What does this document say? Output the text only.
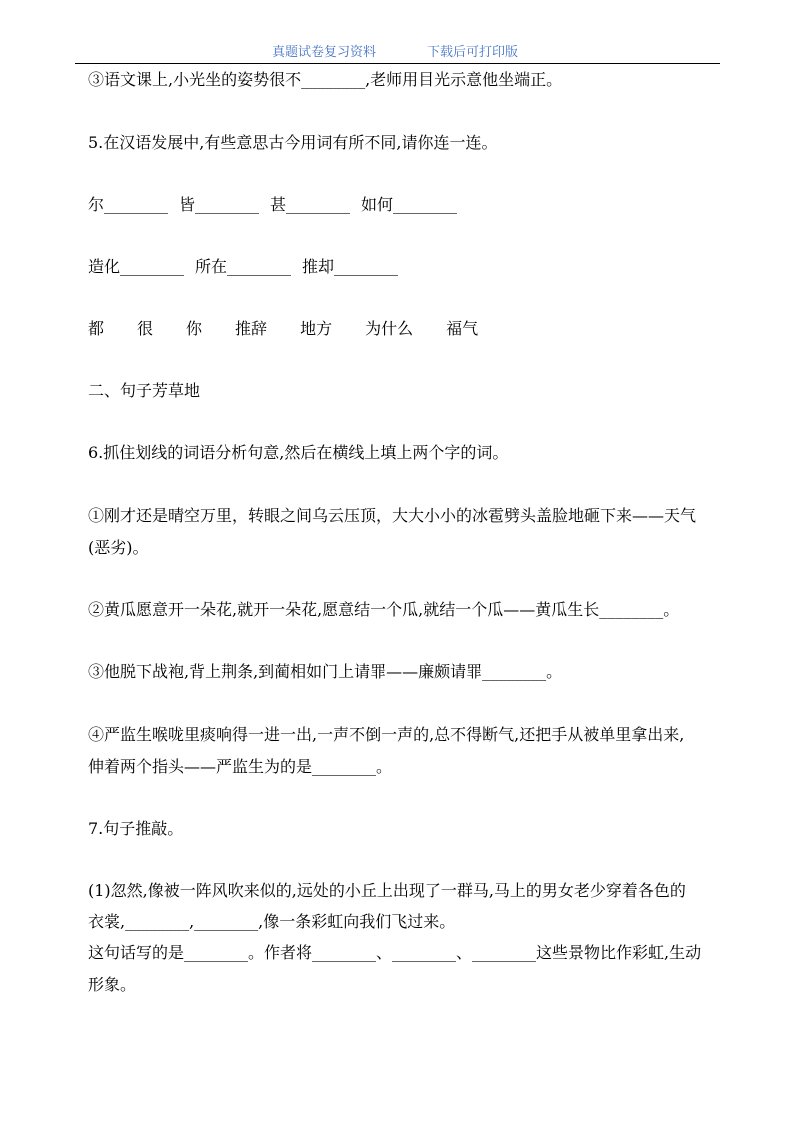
真题试卷复习资料	下载后可打印版
③语文课上,小光坐的姿势很不________,老师用目光示意他坐端正。
5.在汉语发展中,有些意思古今用词有所不同,请你连一连。
尔________ 皆________ 甚________ 如何________
造化________ 所在________ 推却________
都 很 你 推辞 地方 为什么 福气
二、句子芳草地
6.抓住划线的词语分析句意,然后在横线上填上两个字的词。
①刚才还是晴空万里，转眼之间乌云压顶，大大小小的冰雹劈头盖脸地砸下来——天气
(恶劣)。
②黄瓜愿意开一朵花,就开一朵花,愿意结一个瓜,就结一个瓜——黄瓜生长________。
③他脱下战袍,背上荆条,到蔺相如门上请罪——廉颇请罪________。
④严监生喉咙里痰响得一进一出,一声不倒一声的,总不得断气,还把手从被单里拿出来,
伸着两个指头——严监生为的是________。
7.句子推敲。
(1)忽然,像被一阵风吹来似的,远处的小丘上出现了一群马,马上的男女老少穿着各色的
衣裳,________,________,像一条彩虹向我们飞过来。
这句话写的是________。作者将________、________、________这些景物比作彩虹,生动
形象。
